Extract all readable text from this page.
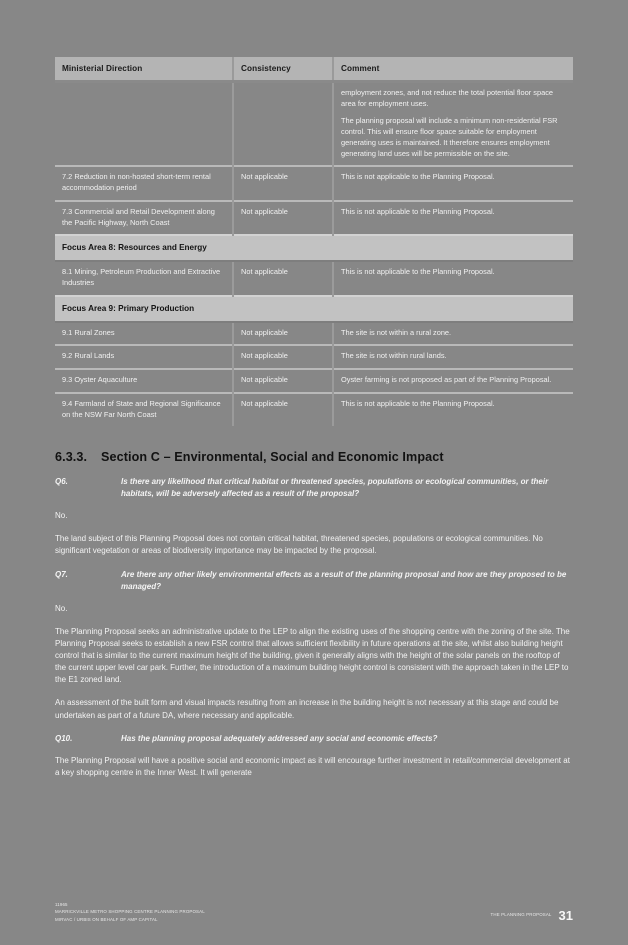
Ministerial Direction	Consistency	Comment

		employment zones, and not reduce the total potential floor space area for employment uses.

The planning proposal will include a minimum non-residential FSR control. This will ensure floor space suitable for employment generating uses is maintained. It therefore ensures employment generating land uses will be permissible on the site.

7.2 Reduction in non-hosted short-term rental accommodation period	Not applicable	This is not applicable to the Planning Proposal.
7.3 Commercial and Retail Development along the Pacific Highway, North Coast	Not applicable	This is not applicable to the Planning Proposal.
Focus Area 8: Resources and Energy		
8.1 Mining, Petroleum Production and Extractive Industries	Not applicable	This is not applicable to the Planning Proposal.
Focus Area 9: Primary Production		
9.1 Rural Zones	Not applicable	The site is not within a rural zone.
9.2 Rural Lands	Not applicable	The site is not within rural lands.
9.3 Oyster Aquaculture	Not applicable	Oyster farming is not proposed as part of the Planning Proposal.
9.4 Farmland of State and Regional Significance on the NSW Far North Coast	Not applicable	This is not applicable to the Planning Proposal.
6.3.3. Section C – Environmental, Social and Economic Impact
Q6.	Is there any likelihood that critical habitat or threatened species, populations or ecological communities, or their habitats, will be adversely affected as a result of the proposal?

No.

The land subject of this Planning Proposal does not contain critical habitat, threatened species, populations or ecological communities. No significant vegetation or areas of biodiversity importance may be impacted by the proposal.

Q7.	Are there any other likely environmental effects as a result of the planning proposal and how are they proposed to be managed?

No.

The Planning Proposal seeks an administrative update to the LEP to align the existing uses of the shopping centre with the zoning of the site. The Planning Proposal seeks to establish a new FSR control that allows sufficient flexibility in future operations at the site, whilst also building height control that is similar to the current maximum height of the building, given it generally aligns with the height of the solar panels on the rooftop of the current upper level car park. Further, the introduction of a maximum building height control is consistent with the approach taken in the LEP to the E1 zoned land.

An assessment of the built form and visual impacts resulting from an increase in the building height is not necessary at this stage and could be undertaken as part of a future DA, where necessary and applicable.

Q10.	Has the planning proposal adequately addressed any social and economic effects?

The Planning Proposal will have a positive social and economic impact as it will encourage further investment in retail/commercial development at a key shopping centre in the Inner West. It will generate

11965
MARRICKVILLE METRO SHOPPING CENTRE PLANNING PROPOSAL
MIRVAC / URBIS ON BEHALF OF AMP CAPITAL
THE PLANNING PROPOSAL 31
